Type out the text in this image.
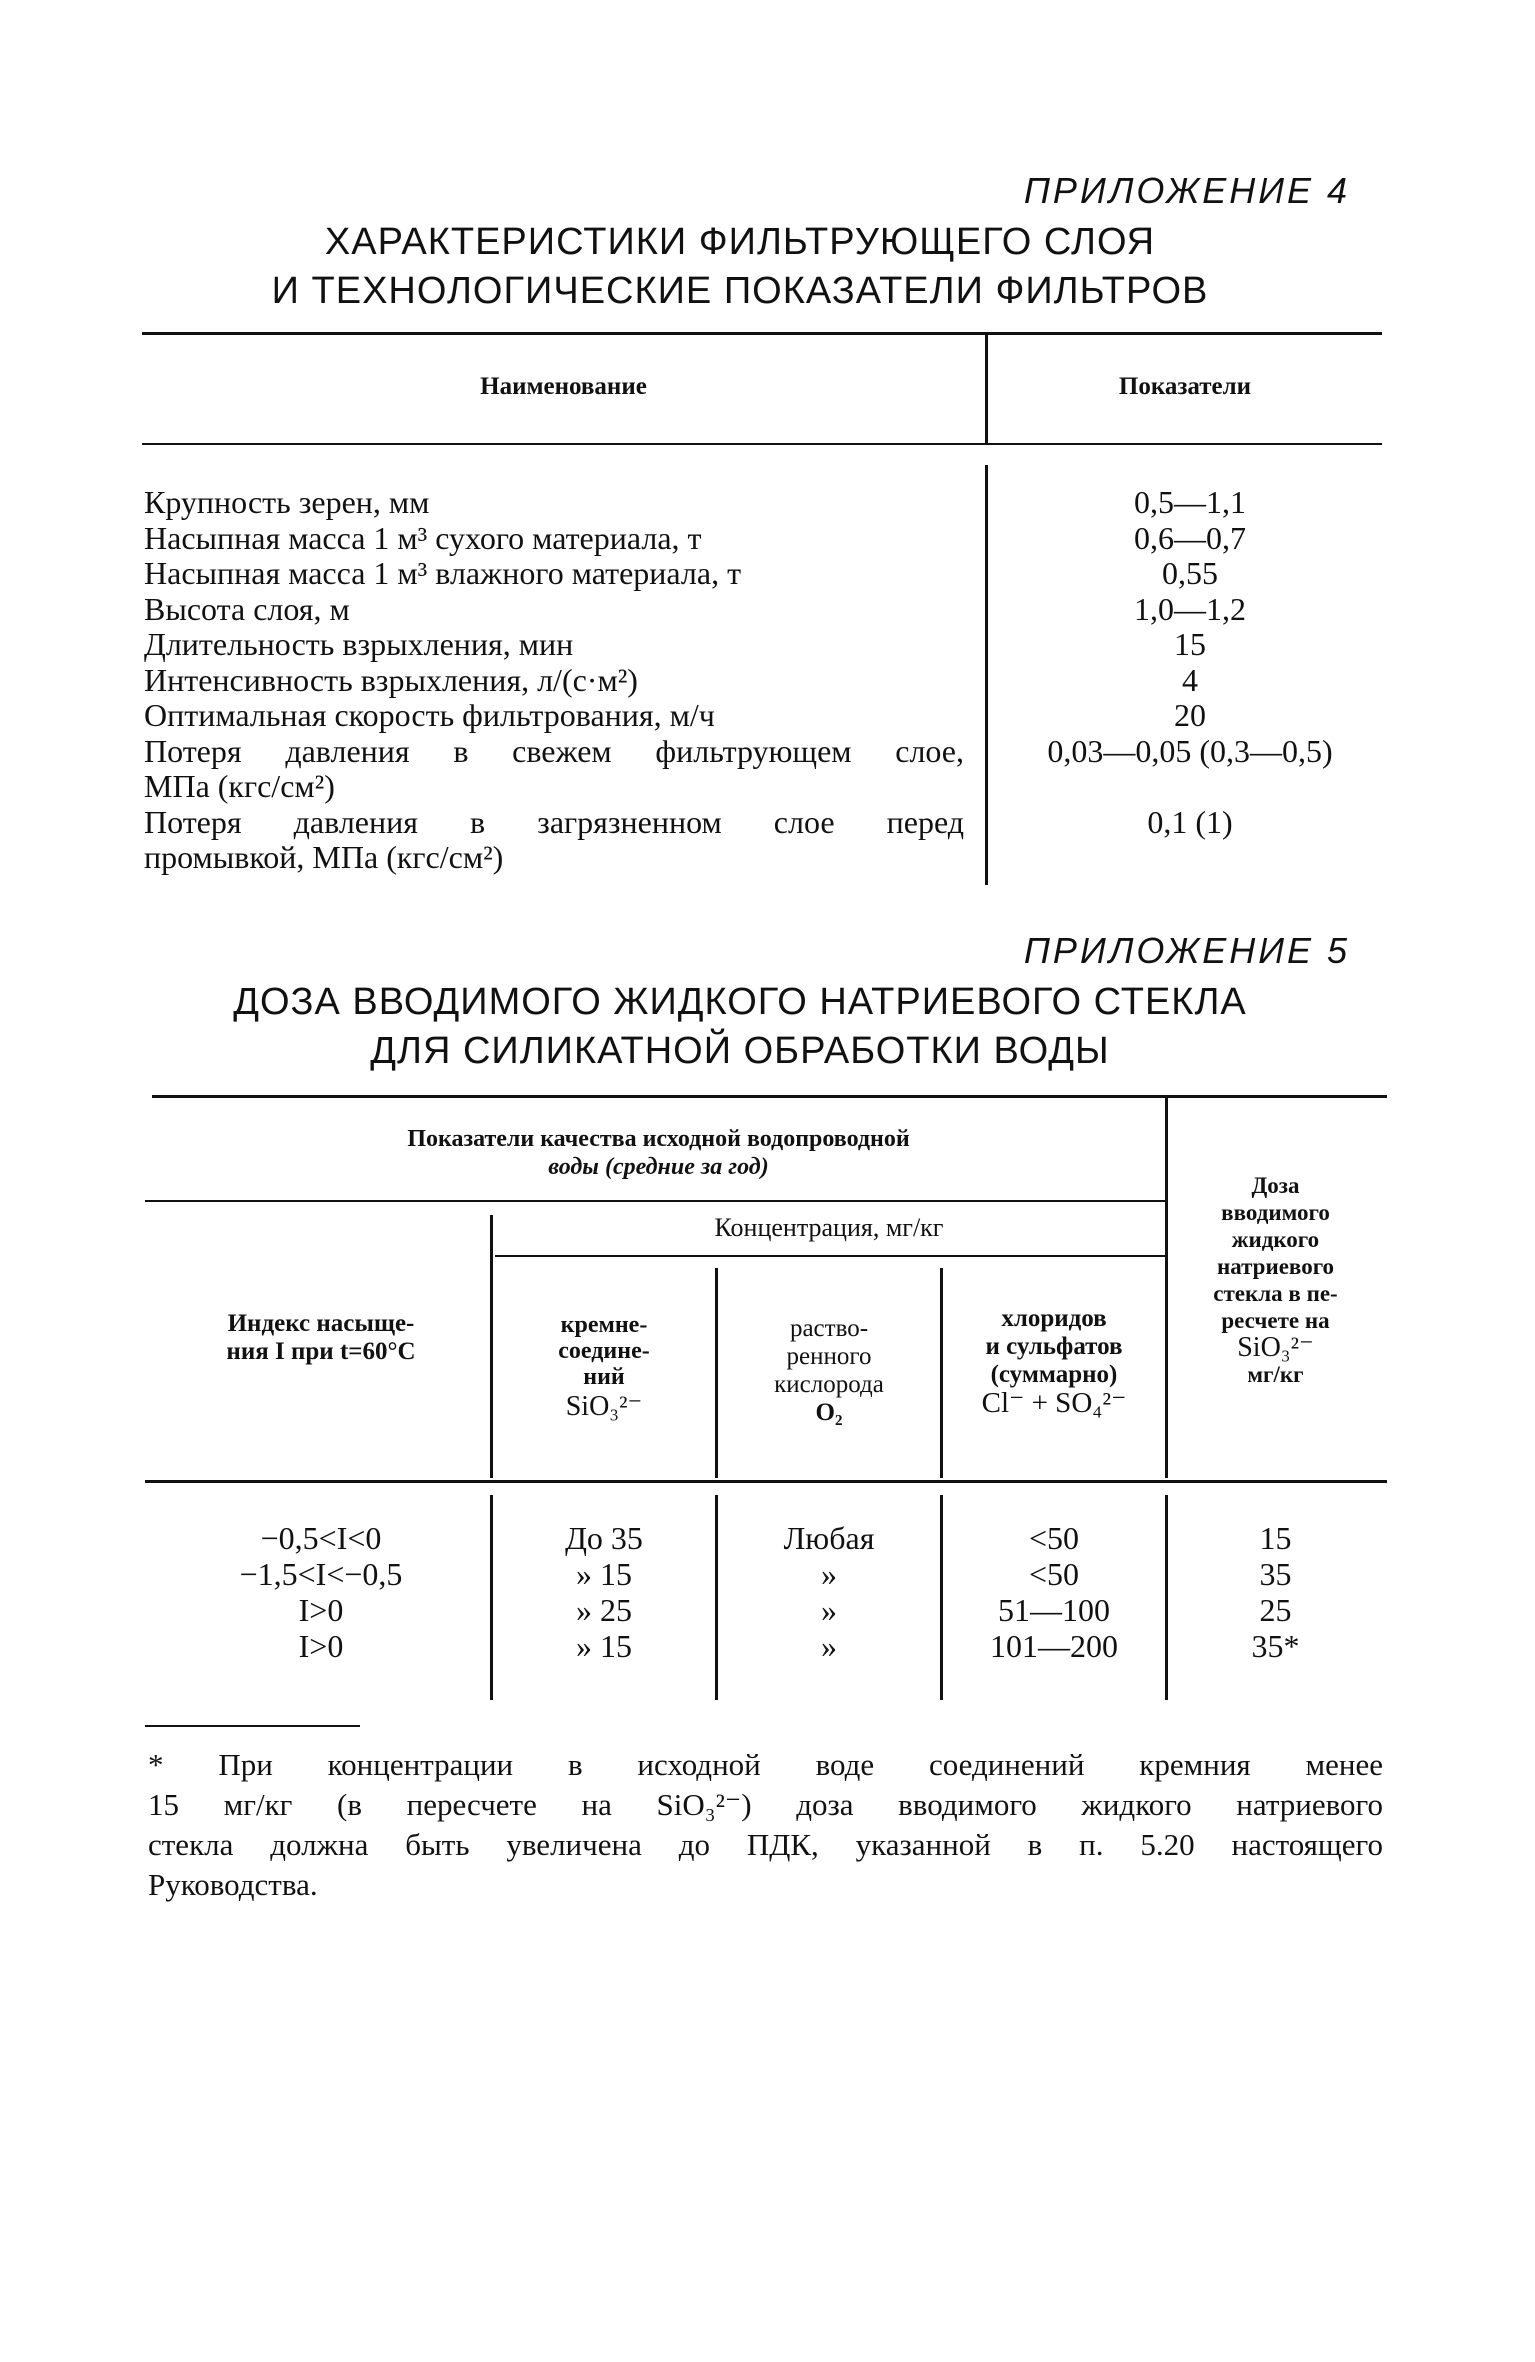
ПРИЛОЖЕНИЕ 4
ХАРАКТЕРИСТИКИ ФИЛЬТРУЮЩЕГО СЛОЯ
И ТЕХНОЛОГИЧЕСКИЕ ПОКАЗАТЕЛИ ФИЛЬТРОВ
Наименование	Показатели
Крупность зерен, мм
Насыпная масса 1 м³ сухого материала, т
Насыпная масса 1 м³ влажного материала, т
Высота слоя, м
Длительность взрыхления, мин
Интенсивность взрыхления, л/(с·м²)
Оптимальная скорость фильтрования, м/ч
Потеря давления в свежем фильтрующем слое,
МПа (кгс/см²)
Потеря давления в загрязненном слое перед
промывкой, МПа (кгс/см²)
0,5—1,1
0,6—0,7
0,55
1,0—1,2
15
4
20
0,03—0,05 (0,3—0,5)
0,1 (1)
ПРИЛОЖЕНИЕ 5
ДОЗА ВВОДИМОГО ЖИДКОГО НАТРИЕВОГО СТЕКЛА
ДЛЯ СИЛИКАТНОЙ ОБРАБОТКИ ВОДЫ
Показатели качества исходной водопроводной
воды (средние за год)
Концентрация, мг/кг
Индекс насыще-
ния I при t=60°С
кремне-
соедине-
ний
SiO₃²⁻
раство-
ренного
кислорода
O₂
хлоридов
и сульфатов
(суммарно)
Cl⁻ + SO₄²⁻
Доза
вводимого
жидкого
натриевого
стекла в пе-
ресчете на
SiO₃²⁻
мг/кг
−0,5<I<0
−1,5<I<−0,5
I>0
I>0
До 35
» 15
» 25
» 15
Любая
»
»
»
<50
<50
51—100
101—200
15
35
25
35*
* При концентрации в исходной воде соединений кремния менее
15 мг/кг (в пересчете на SiO₃²⁻) доза вводимого жидкого натриевого
стекла должна быть увеличена до ПДК, указанной в п. 5.20 настоящего
Руководства.
